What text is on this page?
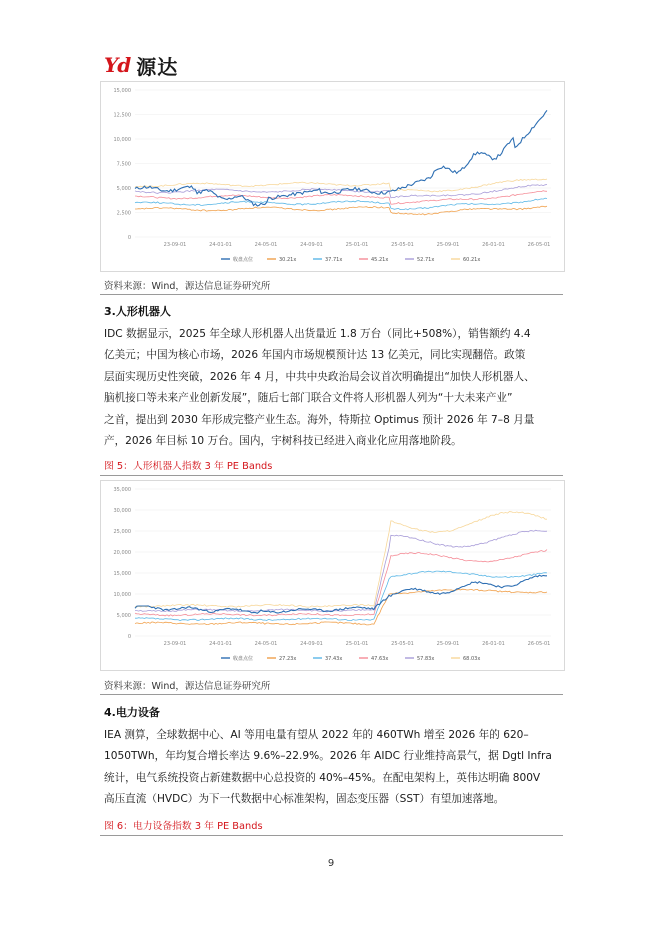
Yd 源达
15,000
12,500
10,000
7,500
5,000
2,500
0
23-09-01	24-01-01	24-05-01	24-09-01	25-01-01	25-05-01	25-09-01	26-01-01	26-05-01
收盘点位	30.21x	37.71x	45.21x	52.71x	60.21x
资料来源：Wind，源达信息证券研究所
3.人形机器人

IDC 数据显示，2025 年全球人形机器人出货量近 1.8 万台（同比+508%），销售额约 4.4

亿美元；中国为核心市场，2026 年国内市场规模预计达 13 亿美元，同比实现翻倍。政策

层面实现历史性突破，2026 年 4 月，中共中央政治局会议首次明确提出“加快人形机器人、

脑机接口等未来产业创新发展”，随后七部门联合文件将人形机器人列为“十大未来产业”

之首，提出到 2030 年形成完整产业生态。海外，特斯拉 Optimus 预计 2026 年 7–8 月量

产，2026 年目标 10 万台。国内，宇树科技已经进入商业化应用落地阶段。

图 5：人形机器人指数 3 年 PE Bands
35,000
30,000
25,000
20,000
15,000
10,000
5,000
0
23-09-01	24-01-01	24-05-01	24-09-01	25-01-01	25-05-01	25-09-01	26-01-01	26-05-01
收盘点位	27.23x	37.43x	47.63x	57.83x	68.03x
资料来源：Wind，源达信息证券研究所
4.电力设备

IEA 测算，全球数据中心、AI 等用电量有望从 2022 年的 460TWh 增至 2026 年的 620–

1050TWh，年均复合增长率达 9.6%–22.9%。2026 年 AIDC 行业维持高景气，据 Dgtl Infra

统计，电气系统投资占新建数据中心总投资的 40%–45%。在配电架构上，英伟达明确 800V

高压直流（HVDC）为下一代数据中心标准架构，固态变压器（SST）有望加速落地。

图 6：电力设备指数 3 年 PE Bands
9
